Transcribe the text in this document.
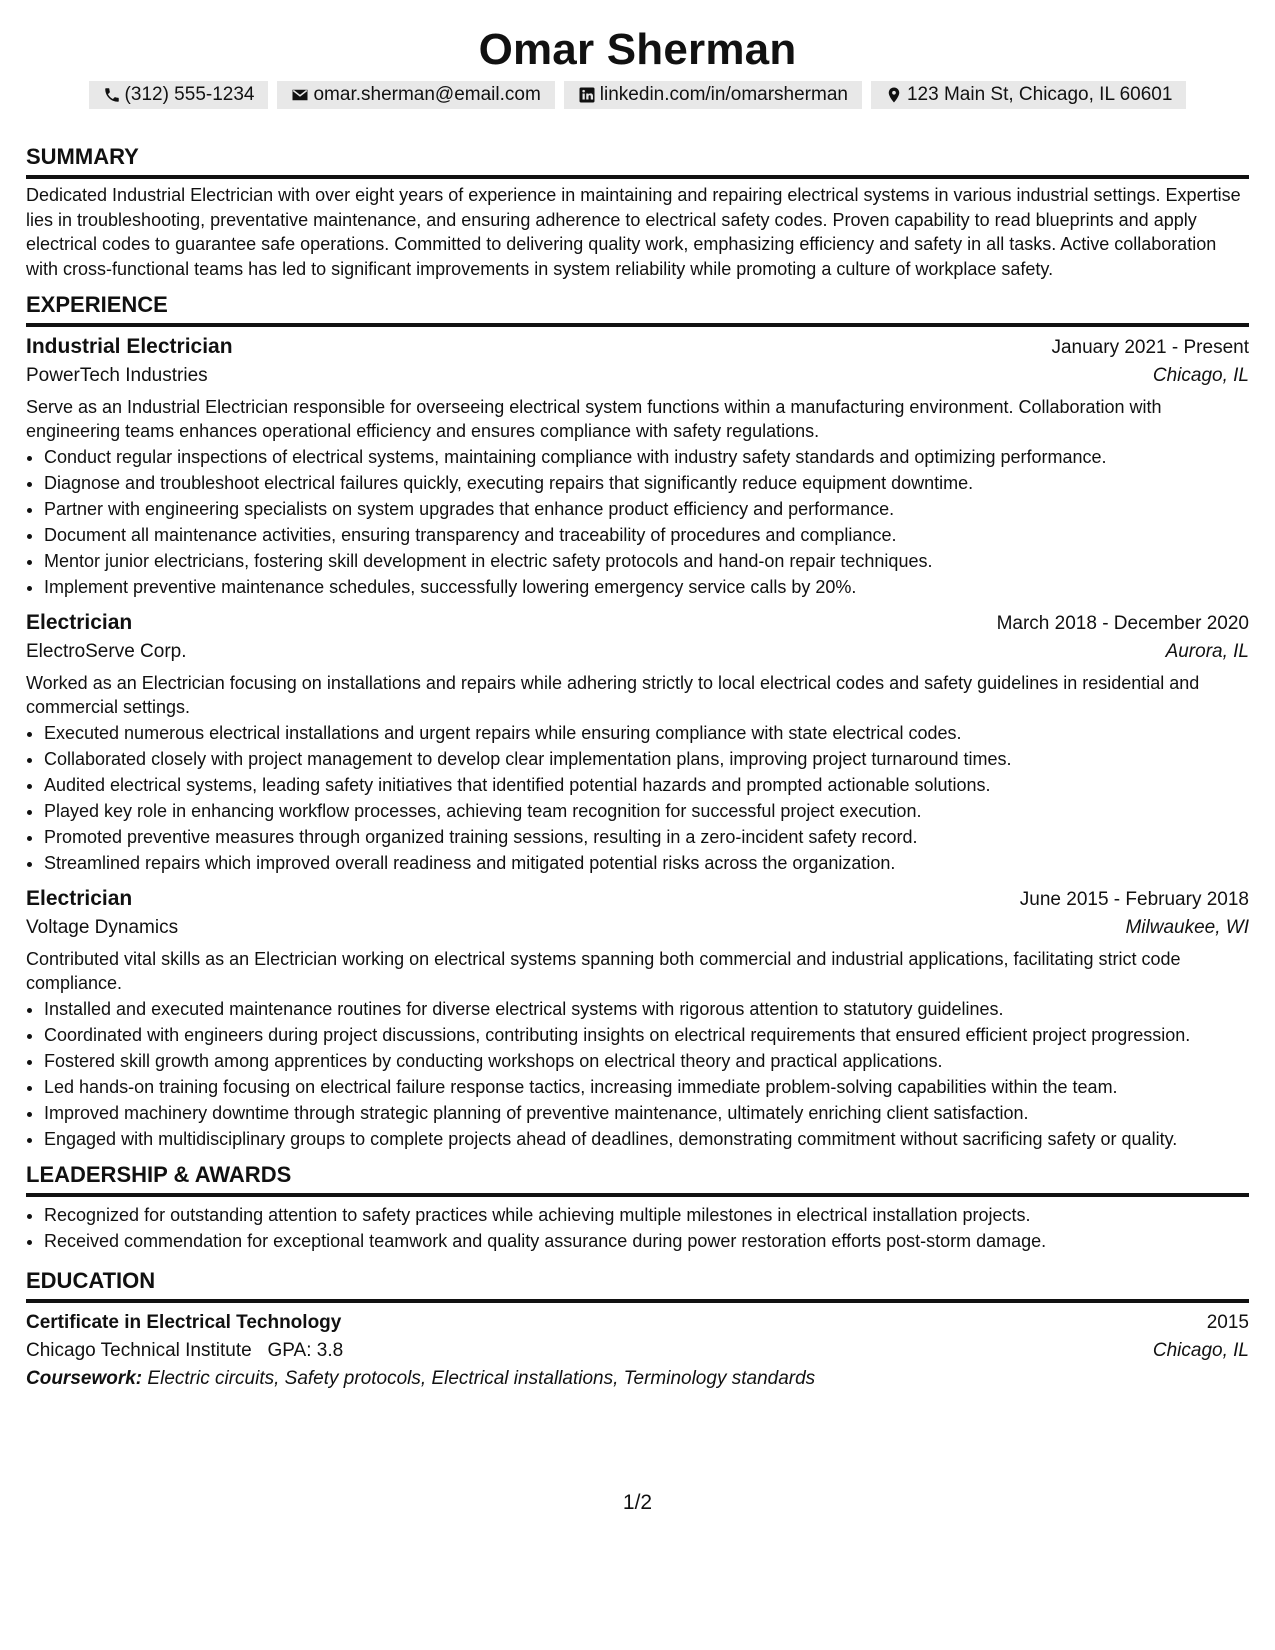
Omar Sherman
(312) 555-1234	omar.sherman@email.com	linkedin.com/in/omarsherman	123 Main St, Chicago, IL 60601
SUMMARY

Dedicated Industrial Electrician with over eight years of experience in maintaining and repairing electrical systems in various industrial settings. Expertise lies in troubleshooting, preventative maintenance, and ensuring adherence to electrical safety codes. Proven capability to read blueprints and apply electrical codes to guarantee safe operations. Committed to delivering quality work, emphasizing efficiency and safety in all tasks. Active collaboration with cross-functional teams has led to significant improvements in system reliability while promoting a culture of workplace safety.

EXPERIENCE
Industrial Electrician	January 2021 - Present
PowerTech Industries	Chicago, IL
Serve as an Industrial Electrician responsible for overseeing electrical system functions within a manufacturing environment. Collaboration with engineering teams enhances operational efficiency and ensures compliance with safety regulations.
• Conduct regular inspections of electrical systems, maintaining compliance with industry safety standards and optimizing performance.
• Diagnose and troubleshoot electrical failures quickly, executing repairs that significantly reduce equipment downtime.
• Partner with engineering specialists on system upgrades that enhance product efficiency and performance.
• Document all maintenance activities, ensuring transparency and traceability of procedures and compliance.
• Mentor junior electricians, fostering skill development in electric safety protocols and hand-on repair techniques.
• Implement preventive maintenance schedules, successfully lowering emergency service calls by 20%.
Electrician	March 2018 - December 2020
ElectroServe Corp.	Aurora, IL
Worked as an Electrician focusing on installations and repairs while adhering strictly to local electrical codes and safety guidelines in residential and commercial settings.
• Executed numerous electrical installations and urgent repairs while ensuring compliance with state electrical codes.
• Collaborated closely with project management to develop clear implementation plans, improving project turnaround times.
• Audited electrical systems, leading safety initiatives that identified potential hazards and prompted actionable solutions.
• Played key role in enhancing workflow processes, achieving team recognition for successful project execution.
• Promoted preventive measures through organized training sessions, resulting in a zero-incident safety record.
• Streamlined repairs which improved overall readiness and mitigated potential risks across the organization.
Electrician	June 2015 - February 2018
Voltage Dynamics	Milwaukee, WI
Contributed vital skills as an Electrician working on electrical systems spanning both commercial and industrial applications, facilitating strict code compliance.
• Installed and executed maintenance routines for diverse electrical systems with rigorous attention to statutory guidelines.
• Coordinated with engineers during project discussions, contributing insights on electrical requirements that ensured efficient project progression.
• Fostered skill growth among apprentices by conducting workshops on electrical theory and practical applications.
• Led hands-on training focusing on electrical failure response tactics, increasing immediate problem-solving capabilities within the team.
• Improved machinery downtime through strategic planning of preventive maintenance, ultimately enriching client satisfaction.
• Engaged with multidisciplinary groups to complete projects ahead of deadlines, demonstrating commitment without sacrificing safety or quality.
LEADERSHIP & AWARDS
• Recognized for outstanding attention to safety practices while achieving multiple milestones in electrical installation projects.
• Received commendation for exceptional teamwork and quality assurance during power restoration efforts post-storm damage.
EDUCATION
Certificate in Electrical Technology	2015
Chicago Technical Institute GPA: 3.8	Chicago, IL
Coursework: Electric circuits, Safety protocols, Electrical installations, Terminology standards
1/2
